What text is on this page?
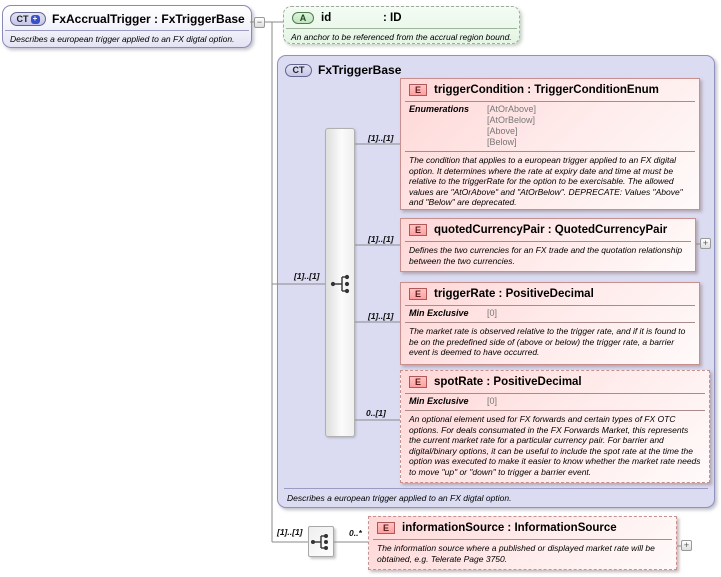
CT + FxAccrualTrigger : FxTriggerBase
Describes a european trigger applied to an FX digtal option.
−	A	id	: ID
An anchor to be referenced from the accrual region bound.
CT	FxTriggerBase
Describes a european trigger applied to an FX digtal option.
E	triggerCondition : TriggerConditionEnum
Enumerations	[AtOrAbove]
[AtOrBelow]
[Above]
[Below]
The condition that applies to a european trigger applied to an FX digital option. It determines where the rate at expiry date and time at must be relative to the triggerRate for the option to be exercisable. The allowed values are "AtOrAbove" and "AtOrBelow". DEPRECATE: Values "Above" and "Below" are deprecated.
E	quotedCurrencyPair : QuotedCurrencyPair
Defines the two currencies for an FX trade and the quotation relationship between the two currencies.
+
E	triggerRate : PositiveDecimal
Min Exclusive	[0]
The market rate is observed relative to the trigger rate, and if it is found to be on the predefined side of (above or below) the trigger rate, a barrier event is deemed to have occurred.
E	spotRate : PositiveDecimal
Min Exclusive	[0]
An optional element used for FX forwards and certain types of FX OTC options. For deals consumated in the FX Forwards Market, this represents the current market rate for a particular currency pair. For barrier and digital/binary options, it can be useful to include the spot rate at the time the option was executed to make it easier to know whether the market rate needs to move "up" or "down" to trigger a barrier event.
E	informationSource : InformationSource
The information source where a published or displayed market rate will be obtained, e.g. Telerate Page 3750.
+
[1]..[1]
[1]..[1]
[1]..[1]
[1]..[1]
0..[1]
[1]..[1]	0..*
